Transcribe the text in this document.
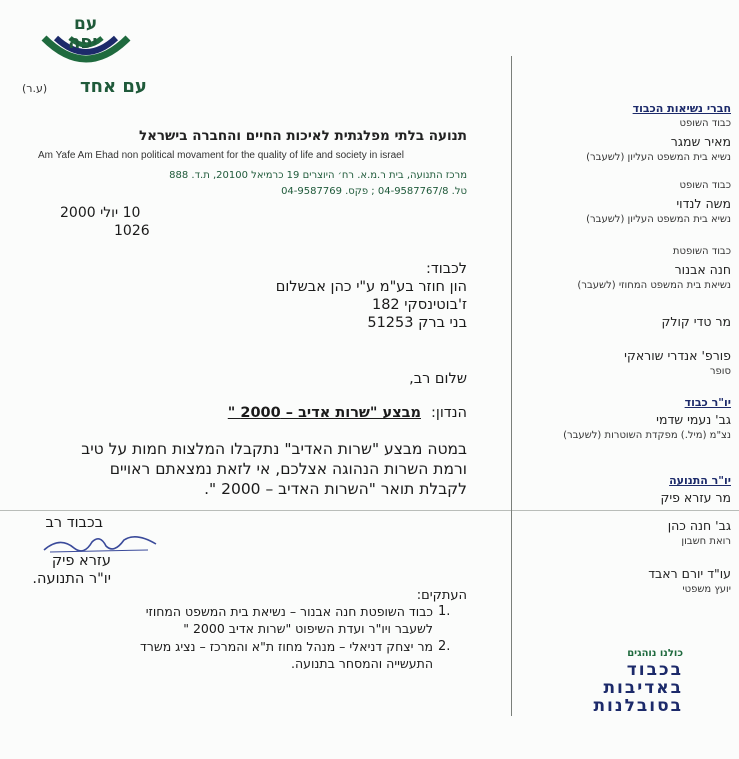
עם
יפה
עם אחד
(ע.ר)
תנועה בלתי מפלגתית לאיכות החיים והחברה בישראל
Am Yafe Am Ehad non political movament for the quality of life and society in israel
מרכז התנועה, בית ר.מ.א. רח׳ היוצרים 19 כרמיאל 20100, ת.ד. 888
טל. 04-9587767/8 ; פקס. 04-9587769
10 יולי 2000
1026
לכבוד:
הון חוזר בע"מ ע"י כהן אבשלום
ז'בוטינסקי 182
בני ברק 51253
שלום רב,
הנדון:
מבצע "שרות אדיב – 2000 "
במטה מבצע "שרות האדיב" נתקבלו המלצות חמות על טיב
ורמת השרות הנהוגה אצלכם, אי לזאת נמצאתם ראויים
לקבלת תואר "השרות האדיב – 2000 ".
בכבוד רב
עזרא פיק
יו"ר התנועה.
העתקים:
1.
כבוד השופטת חנה אבנור – נשיאת בית המשפט המחוזי
לשעבר ויו"ר ועדת השיפוט "שרות אדיב 2000 "
2.
מר יצחק דניאלי – מנהל מחוז ת"א והמרכז – נציג משרד
התעשייה והמסחר בתנועה.
חברי נשיאות הכבוד
כבוד השופט
מאיר שמגר
נשיא בית המשפט העליון (לשעבר)
כבוד השופט
משה לנדוי
נשיא בית המשפט העליון (לשעבר)
כבוד השופטת
חנה אבנור
נשיאת בית המשפט המחוזי (לשעבר)
מר טדי קולק
פורפ' אנדרי שוראקי
סופר
יו"ר כבוד
גב' נעמי שדמי
נצ"מ (מיל.) מפקדת השוטרות (לשעבר)
יו"ר התנועה
מר עזרא פיק
גב' חנה כהן
רואת חשבון
עו"ד יורם ראבד
יועץ משפטי
כולנו נוהגים
בכבוד
באדיבות
בסובלנות
